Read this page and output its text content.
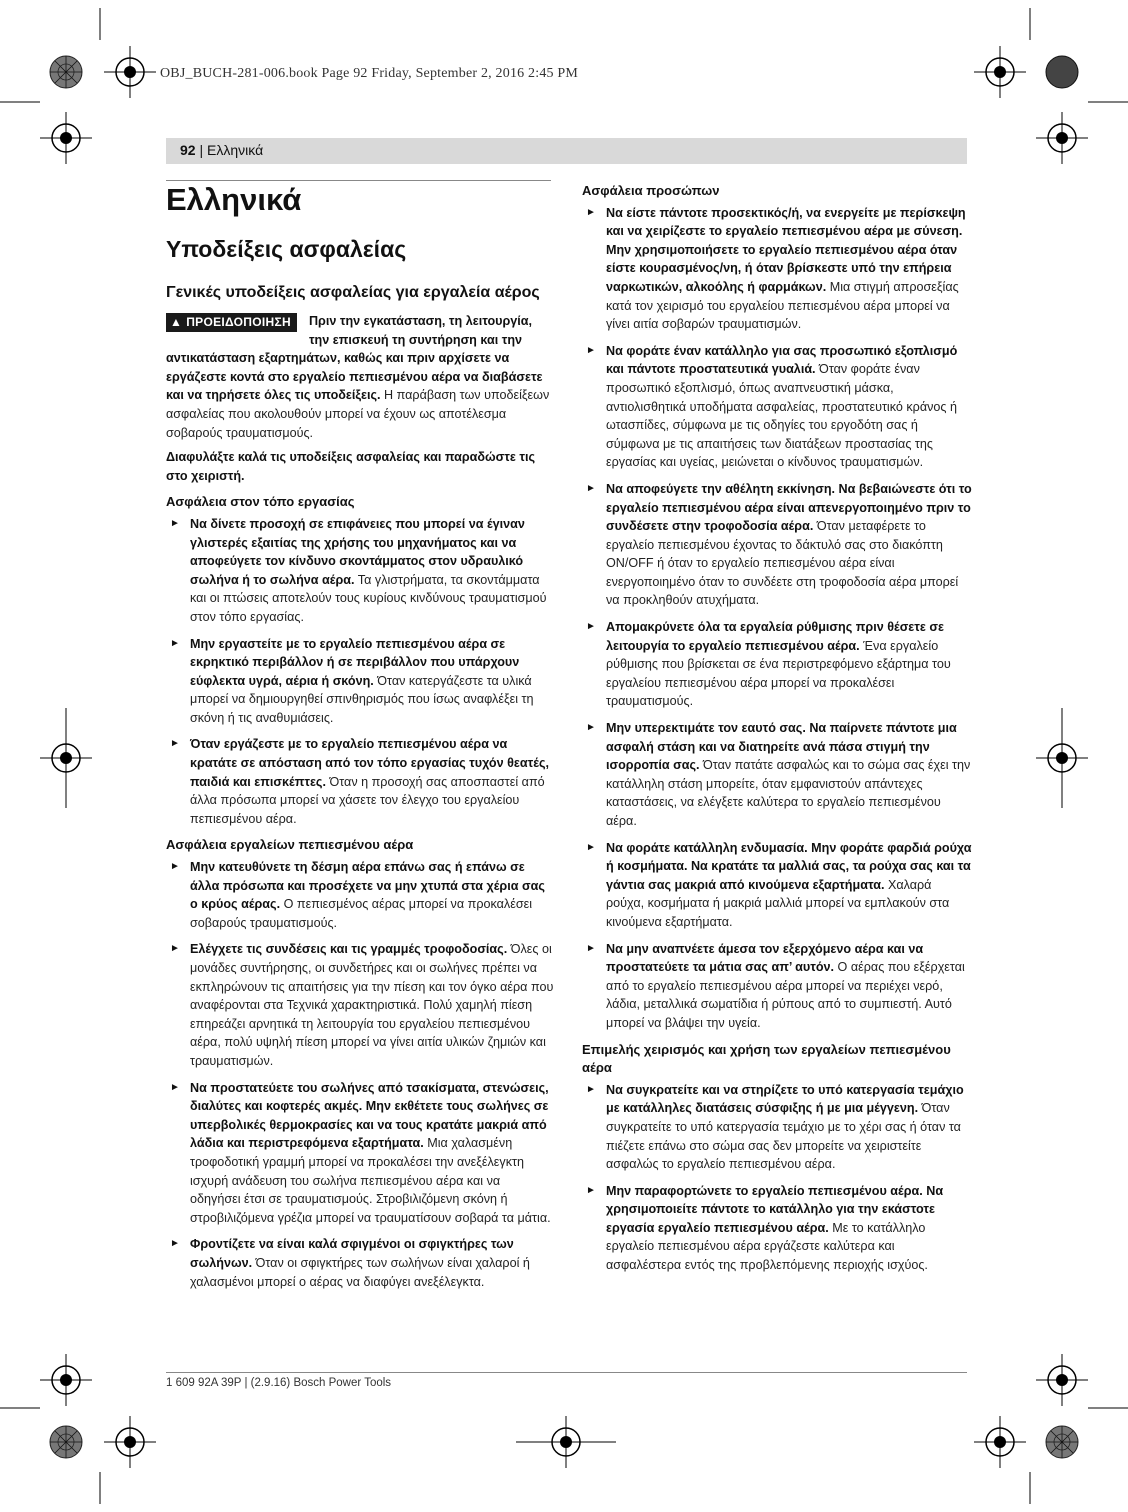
OBJ_BUCH-281-006.book Page 92 Friday, September 2, 2016 2:45 PM
92 | Ελληνικά
Ελληνικά
Υποδείξεις ασφαλείας
Γενικές υποδείξεις ασφαλείας για εργαλεία αέρος

▲ ΠΡΟΕΙΔΟΠΟΙΗΣΗ	Πριν την εγκατάσταση, τη λειτουργία, την επισκευή τη συντήρηση και την αντικατάσταση εξαρτημάτων, καθώς και πριν αρχίσετε να εργάζεστε κοντά στο εργαλείο πεπιεσμένου αέρα να διαβάσετε και να τηρήσετε όλες τις υποδείξεις. Η παράβαση των υποδείξεων ασφαλείας που ακολουθούν μπορεί να έχουν ως αποτέλεσμα σοβαρούς τραυματισμούς.

Διαφυλάξτε καλά τις υποδείξεις ασφαλείας και παραδώστε τις στο χειριστή.

Ασφάλεια στον τόπο εργασίας
► Να δίνετε προσοχή σε επιφάνειες που μπορεί να έγιναν γλιστερές εξαιτίας της χρήσης του μηχανήματος και να αποφεύγετε τον κίνδυνο σκοντάμματος στον υδραυλικό σωλήνα ή το σωλήνα αέρα. Τα γλιστρήματα, τα σκοντάμματα και οι πτώσεις αποτελούν τους κυρίους κινδύνους τραυματισμού στον τόπο εργασίας.
► Μην εργαστείτε με το εργαλείο πεπιεσμένου αέρα σε εκρηκτικό περιβάλλον ή σε περιβάλλον που υπάρχουν εύφλεκτα υγρά, αέρια ή σκόνη. Όταν κατεργάζεστε τα υλικά μπορεί να δημιουργηθεί σπινθηρισμός που ίσως αναφλέξει τη σκόνη ή τις αναθυμιάσεις.
► Όταν εργάζεστε με το εργαλείο πεπιεσμένου αέρα να κρατάτε σε απόσταση από τον τόπο εργασίας τυχόν θεατές, παιδιά και επισκέπτες. Όταν η προσοχή σας αποσπαστεί από άλλα πρόσωπα μπορεί να χάσετε τον έλεγχο του εργαλείου πεπιεσμένου αέρα.
Ασφάλεια εργαλείων πεπιεσμένου αέρα
► Μην κατευθύνετε τη δέσμη αέρα επάνω σας ή επάνω σε άλλα πρόσωπα και προσέχετε να μην χτυπά στα χέρια σας ο κρύος αέρας. Ο πεπιεσμένος αέρας μπορεί να προκαλέσει σοβαρούς τραυματισμούς.
► Ελέγχετε τις συνδέσεις και τις γραμμές τροφοδοσίας. Όλες οι μονάδες συντήρησης, οι συνδετήρες και οι σωλήνες πρέπει να εκπληρώνουν τις απαιτήσεις για την πίεση και τον όγκο αέρα που αναφέρονται στα Τεχνικά χαρακτηριστικά. Πολύ χαμηλή πίεση επηρεάζει αρνητικά τη λειτουργία του εργαλείου πεπιεσμένου αέρα, πολύ υψηλή πίεση μπορεί να γίνει αιτία υλικών ζημιών και τραυματισμών.
► Να προστατεύετε του σωλήνες από τσακίσματα, στενώσεις, διαλύτες και κοφτερές ακμές. Μην εκθέτετε τους σωλήνες σε υπερβολικές θερμοκρασίες και να τους κρατάτε μακριά από λάδια και περιστρεφόμενα εξαρτήματα. Μια χαλασμένη τροφοδοτική γραμμή μπορεί να προκαλέσει την ανεξέλεγκτη ισχυρή ανάδευση του σωλήνα πεπιεσμένου αέρα και να οδηγήσει έτσι σε τραυματισμούς. Στροβιλιζόμενη σκόνη ή στροβιλιζόμενα γρέζια μπορεί να τραυματίσουν σοβαρά τα μάτια.
► Φροντίζετε να είναι καλά σφιγμένοι οι σφιγκτήρες των σωλήνων. Όταν οι σφιγκτήρες των σωλήνων είναι χαλαροί ή χαλασμένοι μπορεί ο αέρας να διαφύγει ανεξέλεγκτα.
Ασφάλεια προσώπων
► Να είστε πάντοτε προσεκτικός/ή, να ενεργείτε με περίσκεψη και να χειρίζεστε το εργαλείο πεπιεσμένου αέρα με σύνεση. Μην χρησιμοποιήσετε το εργαλείο πεπιεσμένου αέρα όταν είστε κουρασμένος/νη, ή όταν βρίσκεστε υπό την επήρεια ναρκωτικών, αλκοόλης ή φαρμάκων. Μια στιγμή απροσεξίας κατά τον χειρισμό του εργαλείου πεπιεσμένου αέρα μπορεί να γίνει αιτία σοβαρών τραυματισμών.
► Να φοράτε έναν κατάλληλο για σας προσωπικό εξοπλισμό και πάντοτε προστατευτικά γυαλιά. Όταν φοράτε έναν προσωπικό εξοπλισμό, όπως αναπνευστική μάσκα, αντιολισθητικά υποδήματα ασφαλείας, προστατευτικό κράνος ή ωτασπίδες, σύμφωνα με τις οδηγίες του εργοδότη σας ή σύμφωνα με τις απαιτήσεις των διατάξεων προστασίας της εργασίας και υγείας, μειώνεται ο κίνδυνος τραυματισμών.
► Να αποφεύγετε την αθέλητη εκκίνηση. Να βεβαιώνεστε ότι το εργαλείο πεπιεσμένου αέρα είναι απενεργοποιημένο πριν το συνδέσετε στην τροφοδοσία αέρα. Όταν μεταφέρετε το εργαλείο πεπιεσμένου έχοντας το δάκτυλό σας στο διακόπτη ON/OFF ή όταν το εργαλείο πεπιεσμένου αέρα είναι ενεργοποιημένο όταν το συνδέετε στη τροφοδοσία αέρα μπορεί να προκληθούν ατυχήματα.
► Απομακρύνετε όλα τα εργαλεία ρύθμισης πριν θέσετε σε λειτουργία το εργαλείο πεπιεσμένου αέρα. Ένα εργαλείο ρύθμισης που βρίσκεται σε ένα περιστρεφόμενο εξάρτημα του εργαλείου πεπιεσμένου αέρα μπορεί να προκαλέσει τραυματισμούς.
► Μην υπερεκτιμάτε τον εαυτό σας. Να παίρνετε πάντοτε μια ασφαλή στάση και να διατηρείτε ανά πάσα στιγμή την ισορροπία σας. Όταν πατάτε ασφαλώς και το σώμα σας έχει την κατάλληλη στάση μπορείτε, όταν εμφανιστούν απάντεχες καταστάσεις, να ελέγξετε καλύτερα το εργαλείο πεπιεσμένου αέρα.
► Να φοράτε κατάλληλη ενδυμασία. Μην φοράτε φαρδιά ρούχα ή κοσμήματα. Να κρατάτε τα μαλλιά σας, τα ρούχα σας και τα γάντια σας μακριά από κινούμενα εξαρτήματα. Χαλαρά ρούχα, κοσμήματα ή μακριά μαλλιά μπορεί να εμπλακούν στα κινούμενα εξαρτήματα.
► Να μην αναπνέετε άμεσα τον εξερχόμενο αέρα και να προστατεύετε τα μάτια σας απ’ αυτόν. Ο αέρας που εξέρχεται από το εργαλείο πεπιεσμένου αέρα μπορεί να περιέχει νερό, λάδια, μεταλλικά σωματίδια ή ρύπους από το συμπιεστή. Αυτό μπορεί να βλάψει την υγεία.
Επιμελής χειρισμός και χρήση των εργαλείων πεπιεσμένου αέρα
► Να συγκρατείτε και να στηρίζετε το υπό κατεργασία τεμάχιο με κατάλληλες διατάσεις σύσφιξης ή με μια μέγγενη. Όταν συγκρατείτε το υπό κατεργασία τεμάχιο με το χέρι σας ή όταν τα πιέζετε επάνω στο σώμα σας δεν μπορείτε να χειριστείτε ασφαλώς το εργαλείο πεπιεσμένου αέρα.
► Μην παραφορτώνετε το εργαλείο πεπιεσμένου αέρα. Να χρησιμοποιείτε πάντοτε το κατάλληλο για την εκάστοτε εργασία εργαλείο πεπιεσμένου αέρα. Με το κατάλληλο εργαλείο πεπιεσμένου αέρα εργάζεστε καλύτερα και ασφαλέστερα εντός της προβλεπόμενης περιοχής ισχύος.
1 609 92A 39P | (2.9.16) Bosch Power Tools
